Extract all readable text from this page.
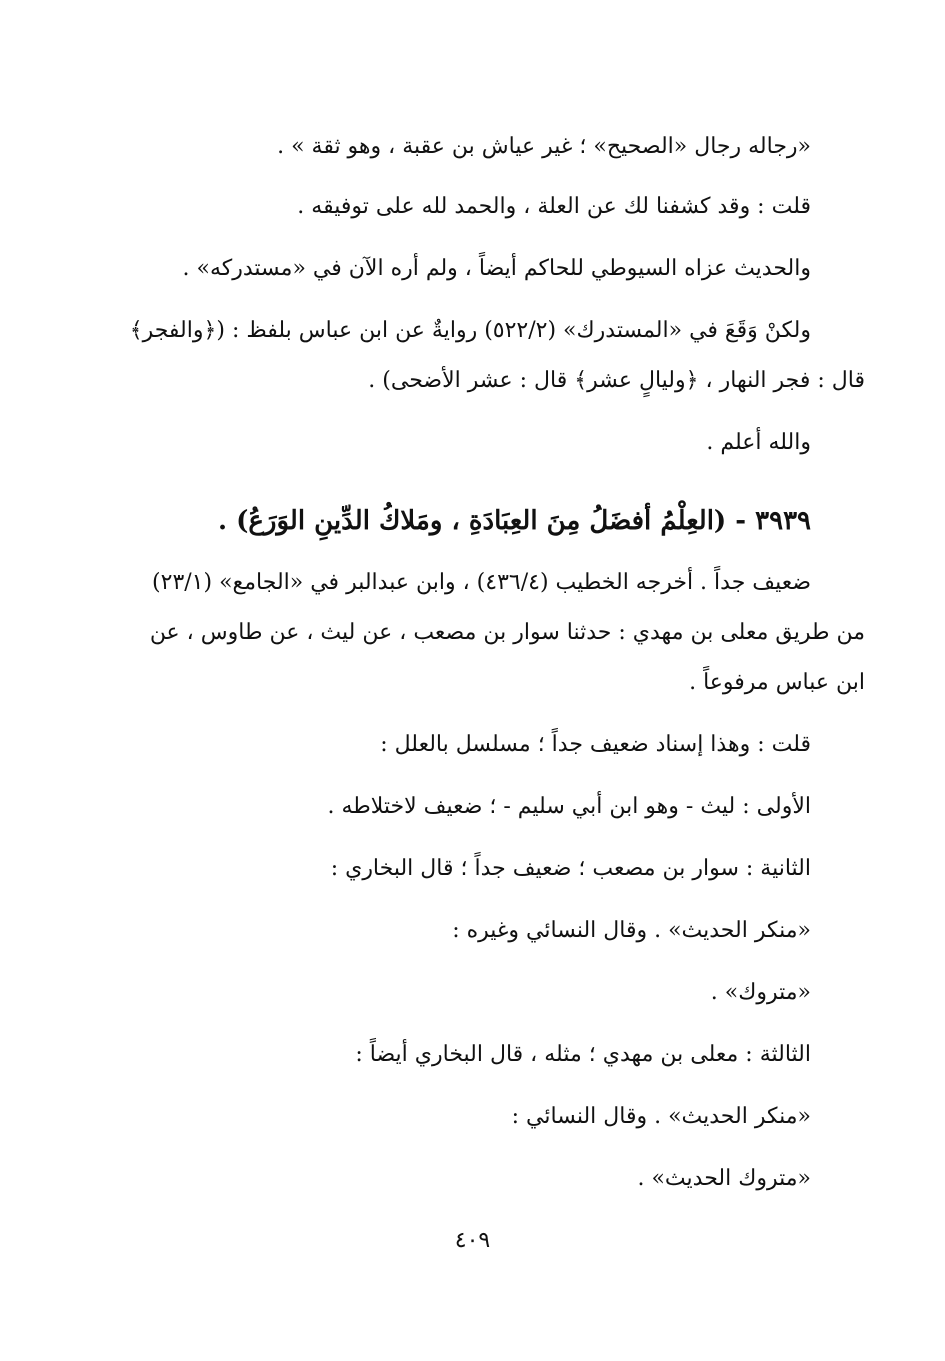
«رجاله رجال «الصحيح» ؛ غير عياش بن عقبة ، وهو ثقة » .
قلت : وقد كشفنا لك عن العلة ، والحمد لله على توفيقه .
والحديث عزاه السيوطي للحاكم أيضاً ، ولم أره الآن في «مستدركه» .
ولكنْ وَقَعَ في «المستدرك» (٥٢٢/٢) روايةٌ عن ابن عباس بلفظ : (﴿والفجر﴾
قال : فجر النهار ، ﴿وليالٍ عشر﴾ قال : عشر الأضحى) .
والله أعلم .
٣٩٣٩ - (العِلْمُ أفضَلُ مِنَ العِبَادَةِ ، ومَلاكُ الدِّينِ الوَرَعُ) .
ضعيف جداً . أخرجه الخطيب (٤٣٦/٤) ، وابن عبدالبر في «الجامع» (٢٣/١)
من طريق معلى بن مهدي : حدثنا سوار بن مصعب ، عن ليث ، عن طاوس ، عن
ابن عباس مرفوعاً .
قلت : وهذا إسناد ضعيف جداً ؛ مسلسل بالعلل :
الأولى : ليث - وهو ابن أبي سليم - ؛ ضعيف لاختلاطه .
الثانية : سوار بن مصعب ؛ ضعيف جداً ؛ قال البخاري :
«منكر الحديث» . وقال النسائي وغيره :
«متروك» .
الثالثة : معلى بن مهدي ؛ مثله ، قال البخاري أيضاً :
«منكر الحديث» . وقال النسائي :
«متروك الحديث» .
٤٠٩
